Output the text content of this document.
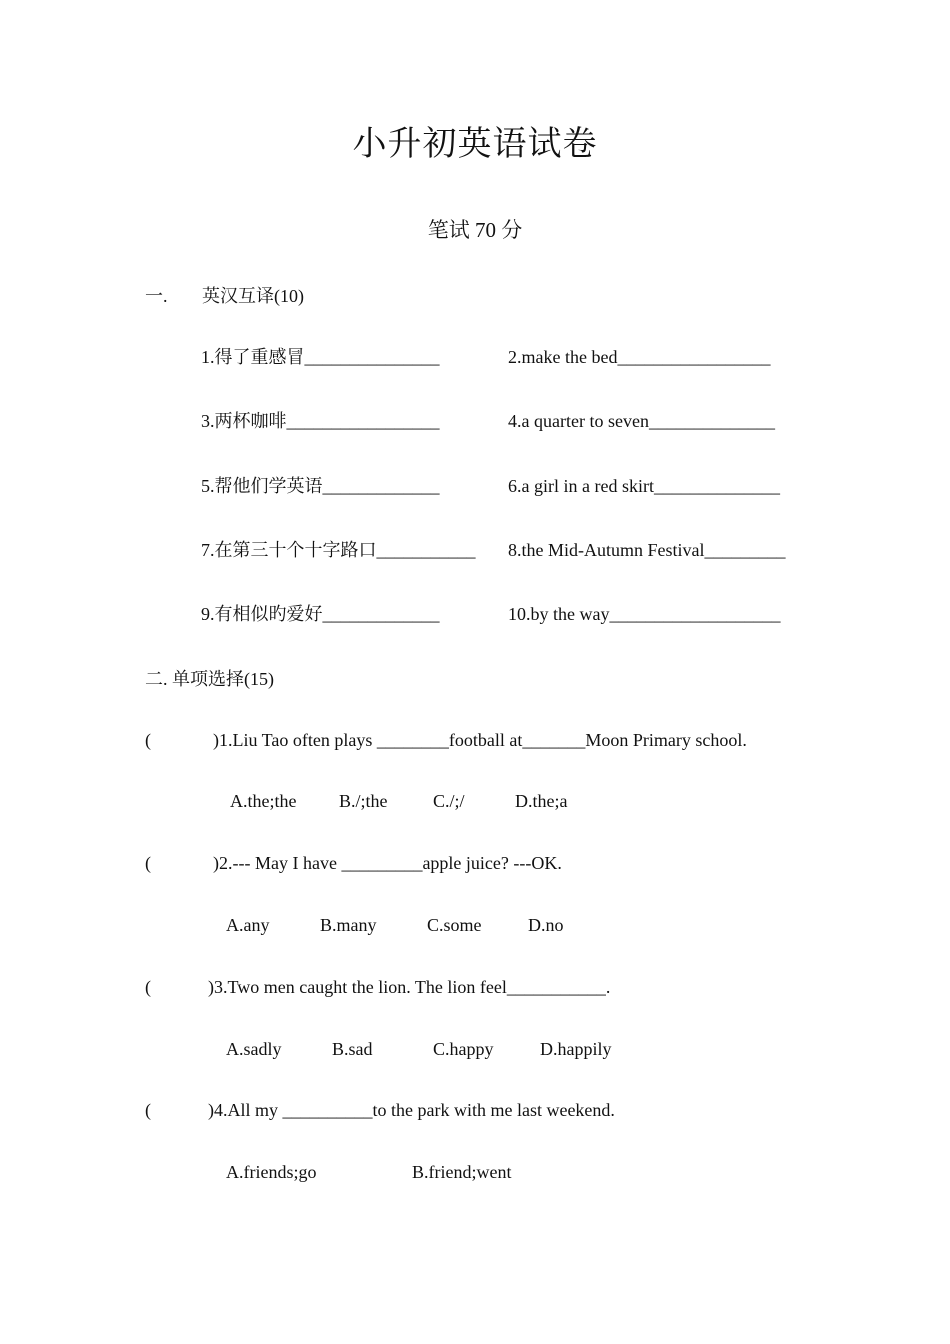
小升初英语试卷
笔试 70 分
一. 英汉互译(10)
1.得了重感冒_______________	2.make the bed_________________
3.两杯咖啡_________________	4.a quarter to seven______________
5.帮他们学英语_____________	6.a girl in a red skirt______________
7.在第三十个十字路口___________ 8.the Mid-Autumn Festival_________
9.有相似旳爱好_____________	10.by the way___________________
二. 单项选择(15)
(	)1.Liu Tao often plays ________football at_______Moon Primary school.
A.the;the B./;the	C./;/	D.the;a
(	)2.--- May I have _________apple juice? ---OK.
A.any	B.many	C.some	D.no
(	)3.Two men caught the lion. The lion feel___________.
A.sadly	B.sad	C.happy	D.happily
(	)4.All my __________to the park with me last weekend.
A.friends;go	B.friend;went
